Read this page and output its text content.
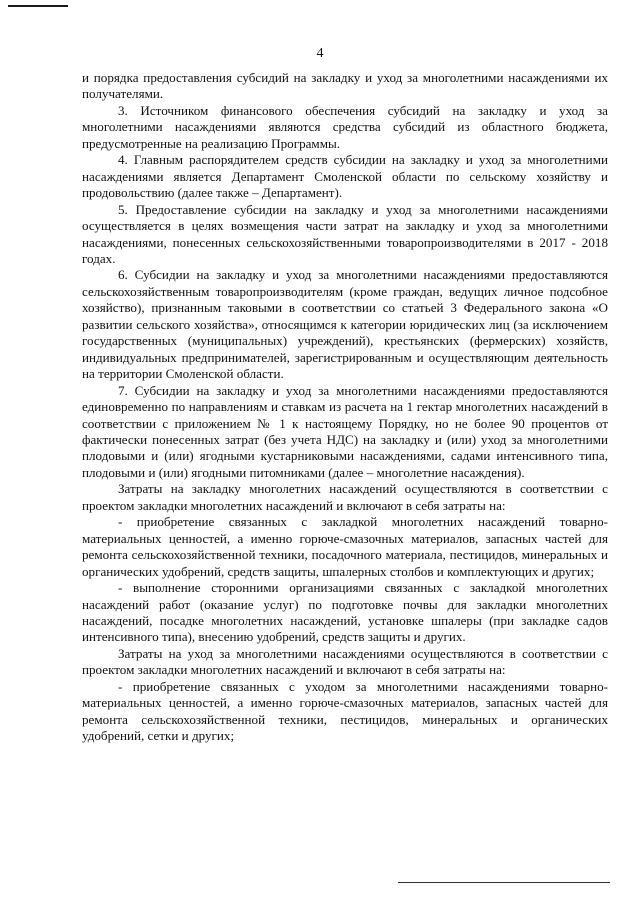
4

и порядка предоставления субсидий на закладку и уход за многолетними насаждениями их получателями.

3. Источником финансового обеспечения субсидий на закладку и уход за многолетними насаждениями являются средства субсидий из областного бюджета, предусмотренные на реализацию Программы.

4. Главным распорядителем средств субсидии на закладку и уход за многолетними насаждениями является Департамент Смоленской области по сельскому хозяйству и продовольствию (далее также – Департамент).

5. Предоставление субсидии на закладку и уход за многолетними насаждениями осуществляется в целях возмещения части затрат на закладку и уход за многолетними насаждениями, понесенных сельскохозяйственными товаропроизводителями в 2017 - 2018 годах.

6. Субсидии на закладку и уход за многолетними насаждениями предоставляются сельскохозяйственным товаропроизводителям (кроме граждан, ведущих личное подсобное хозяйство), признанным таковыми в соответствии со статьей 3 Федерального закона «О развитии сельского хозяйства», относящимся к категории юридических лиц (за исключением государственных (муниципальных) учреждений), крестьянских (фермерских) хозяйств, индивидуальных предпринимателей, зарегистрированным и осуществляющим деятельность на территории Смоленской области.

7. Субсидии на закладку и уход за многолетними насаждениями предоставляются единовременно по направлениям и ставкам из расчета на 1 гектар многолетних насаждений в соответствии с приложением № 1 к настоящему Порядку, но не более 90 процентов от фактически понесенных затрат (без учета НДС) на закладку и (или) уход за многолетними плодовыми и (или) ягодными кустарниковыми насаждениями, садами интенсивного типа, плодовыми и (или) ягодными питомниками (далее – многолетние насаждения).

Затраты на закладку многолетних насаждений осуществляются в соответствии с проектом закладки многолетних насаждений и включают в себя затраты на:

- приобретение связанных с закладкой многолетних насаждений товарно-материальных ценностей, а именно горюче-смазочных материалов, запасных частей для ремонта сельскохозяйственной техники, посадочного материала, пестицидов, минеральных и органических удобрений, средств защиты, шпалерных столбов и комплектующих и других;

- выполнение сторонними организациями связанных с закладкой многолетних насаждений работ (оказание услуг) по подготовке почвы для закладки многолетних насаждений, посадке многолетних насаждений, установке шпалеры (при закладке садов интенсивного типа), внесению удобрений, средств защиты и других.

Затраты на уход за многолетними насаждениями осуществляются в соответствии с проектом закладки многолетних насаждений и включают в себя затраты на:

- приобретение связанных с уходом за многолетними насаждениями товарно-материальных ценностей, а именно горюче-смазочных материалов, запасных частей для ремонта сельскохозяйственной техники, пестицидов, минеральных и органических удобрений, сетки и других;
